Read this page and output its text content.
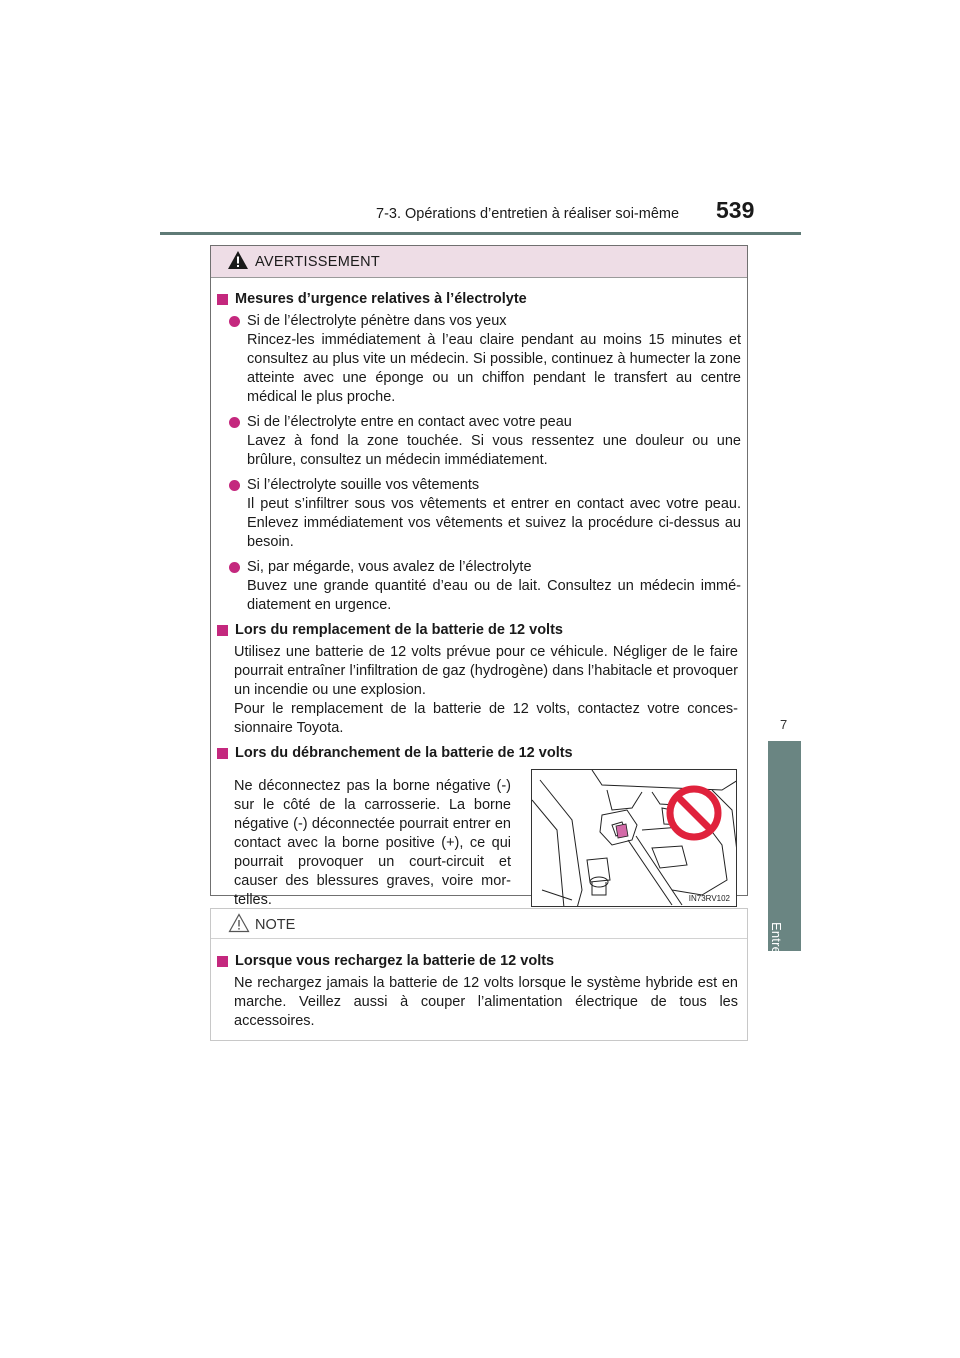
7-3. Opérations d’entretien à réaliser soi-même 539
7
Entretien et nettoyage
AVERTISSEMENT
Mesures d’urgence relatives à l’électrolyte
Si de l’électrolyte pénètre dans vos yeux
Rincez-les immédiatement à l’eau claire pendant au moins 15 minutes et consultez au plus vite un médecin. Si possible, continuez à humecter la zone atteinte avec une éponge ou un chiffon pendant le transfert au centre médical le plus proche.
Si de l’électrolyte entre en contact avec votre peau
Lavez à fond la zone touchée. Si vous ressentez une douleur ou une brûlure, consultez un médecin immédiatement.
Si l’électrolyte souille vos vêtements
Il peut s’infiltrer sous vos vêtements et entrer en contact avec votre peau. Enlevez immédiatement vos vêtements et suivez la procédure ci-dessus au besoin.
Si, par mégarde, vous avalez de l’électrolyte
Buvez une grande quantité d’eau ou de lait. Consultez un médecin immé-diatement en urgence.
Lors du remplacement de la batterie de 12 volts
Utilisez une batterie de 12 volts prévue pour ce véhicule. Négliger de le faire pourrait entraîner l’infiltration de gaz (hydrogène) dans l’habitacle et provoquer un incendie ou une explosion.
Pour le remplacement de la batterie de 12 volts, contactez votre conces-sionnaire Toyota.
Lors du débranchement de la batterie de 12 volts
Ne déconnectez pas la borne négative (-) sur le côté de la carrosserie. La borne négative (-) déconnectée pourrait entrer en contact avec la borne positive (+), ce qui pourrait provoquer un court-circuit et causer des blessures graves, voire mor-telles.	IN73RV102
NOTE
Lorsque vous rechargez la batterie de 12 volts
Ne rechargez jamais la batterie de 12 volts lorsque le système hybride est en marche. Veillez aussi à couper l’alimentation électrique de tous les accessoires.
